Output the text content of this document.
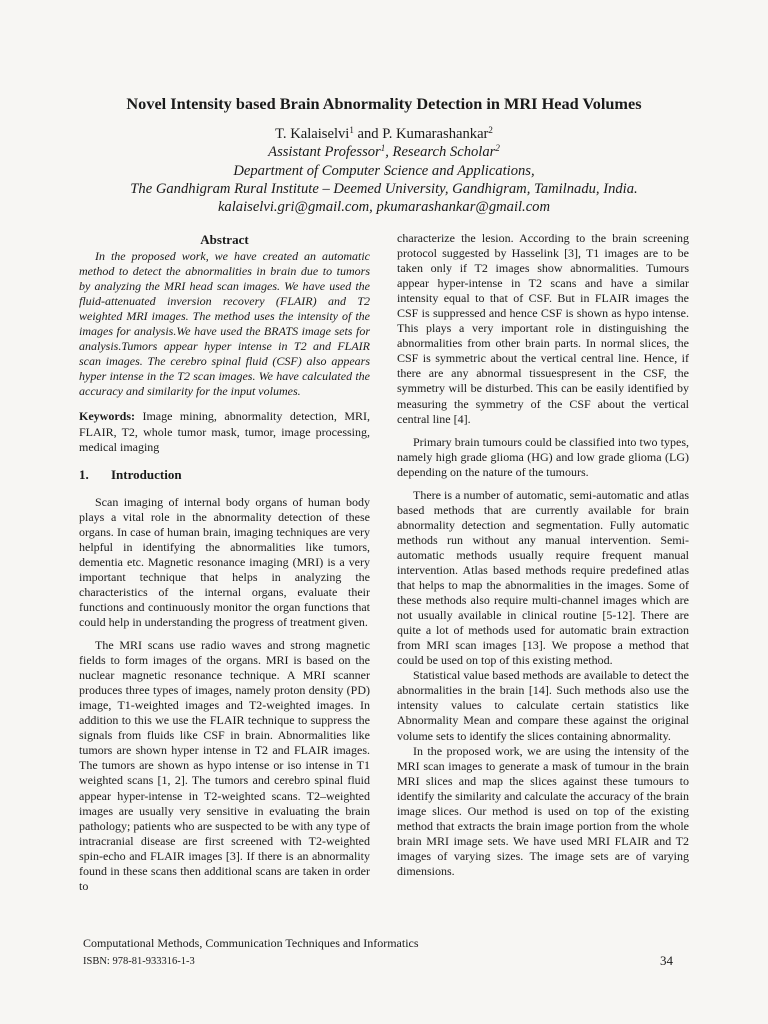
Novel Intensity based Brain Abnormality Detection in MRI Head Volumes
T. Kalaiselvi$^1$ and P. Kumarashankar$^2$
Assistant Professor$^1$, Research Scholar$^2$
Department of Computer Science and Applications,
The Gandhigram Rural Institute – Deemed University, Gandhigram, Tamilnadu, India.
kalaiselvi.gri@gmail.com, pkumarashankar@gmail.com
Abstract

In the proposed work, we have created an automatic method to detect the abnormalities in brain due to tumors by analyzing the MRI head scan images. We have used the fluid-attenuated inversion recovery (FLAIR) and T2 weighted MRI images. The method uses the intensity of the images for analysis.We have used the BRATS image sets for analysis.Tumors appear hyper intense in T2 and FLAIR scan images. The cerebro spinal fluid (CSF) also appears hyper intense in the T2 scan images. We have calculated the accuracy and similarity for the input volumes.

Keywords: Image mining, abnormality detection, MRI, FLAIR, T2, whole tumor mask, tumor, image processing, medical imaging

1. Introduction

Scan imaging of internal body organs of human body plays a vital role in the abnormality detection of these organs. In case of human brain, imaging techniques are very helpful in identifying the abnormalities like tumors, dementia etc. Magnetic resonance imaging (MRI) is a very important technique that helps in analyzing the characteristics of the internal organs, evaluate their functions and continuously monitor the organ functions that could help in understanding the progress of treatment given.

The MRI scans use radio waves and strong magnetic fields to form images of the organs. MRI is based on the nuclear magnetic resonance technique. A MRI scanner produces three types of images, namely proton density (PD) image, T1-weighted images and T2-weighted images. In addition to this we use the FLAIR technique to suppress the signals from fluids like CSF in brain. Abnormalities like tumors are shown hyper intense in T2 and FLAIR images. The tumors are shown as hypo intense or iso intense in T1 weighted scans [1, 2]. The tumors and cerebro spinal fluid appear hyper-intense in T2-weighted scans. T2–weighted images are usually very sensitive in evaluating the brain pathology; patients who are suspected to be with any type of intracranial disease are first screened with T2-weighted spin-echo and FLAIR images [3]. If there is an abnormality found in these scans then additional scans are taken in order to

characterize the lesion. According to the brain screening protocol suggested by Hasselink [3], T1 images are to be taken only if T2 images show abnormalities. Tumours appear hyper-intense in T2 scans and have a similar intensity equal to that of CSF. But in FLAIR images the CSF is suppressed and hence CSF is shown as hypo intense. This plays a very important role in distinguishing the abnormalities from other brain parts. In normal slices, the CSF is symmetric about the vertical central line. Hence, if there are any abnormal tissuespresent in the CSF, the symmetry will be disturbed. This can be easily identified by measuring the symmetry of the CSF about the vertical central line [4].

Primary brain tumours could be classified into two types, namely high grade glioma (HG) and low grade glioma (LG) depending on the nature of the tumours.

There is a number of automatic, semi-automatic and atlas based methods that are currently available for brain abnormality detection and segmentation. Fully automatic methods run without any manual intervention. Semi-automatic methods usually require frequent manual intervention. Atlas based methods require predefined atlas that helps to map the abnormalities in the images. Some of these methods also require multi-channel images which are not usually available in clinical routine [5-12]. There are quite a lot of methods used for automatic brain extraction from MRI scan images [13]. We propose a method that could be used on top of this existing method.

Statistical value based methods are available to detect the abnormalities in the brain [14]. Such methods also use the intensity values to calculate certain statistics like Abnormality Mean and compare these against the original volume sets to identify the slices containing abnormality.

In the proposed work, we are using the intensity of the MRI scan images to generate a mask of tumour in the brain MRI slices and map the slices against these tumours to identify the similarity and calculate the accuracy of the brain image slices. Our method is used on top of the existing method that extracts the brain image portion from the whole brain MRI image sets. We have used MRI FLAIR and T2 images of varying sizes. The image sets are of varying dimensions.

Computational Methods, Communication Techniques and Informatics
ISBN: 978-81-933316-1-3	34
